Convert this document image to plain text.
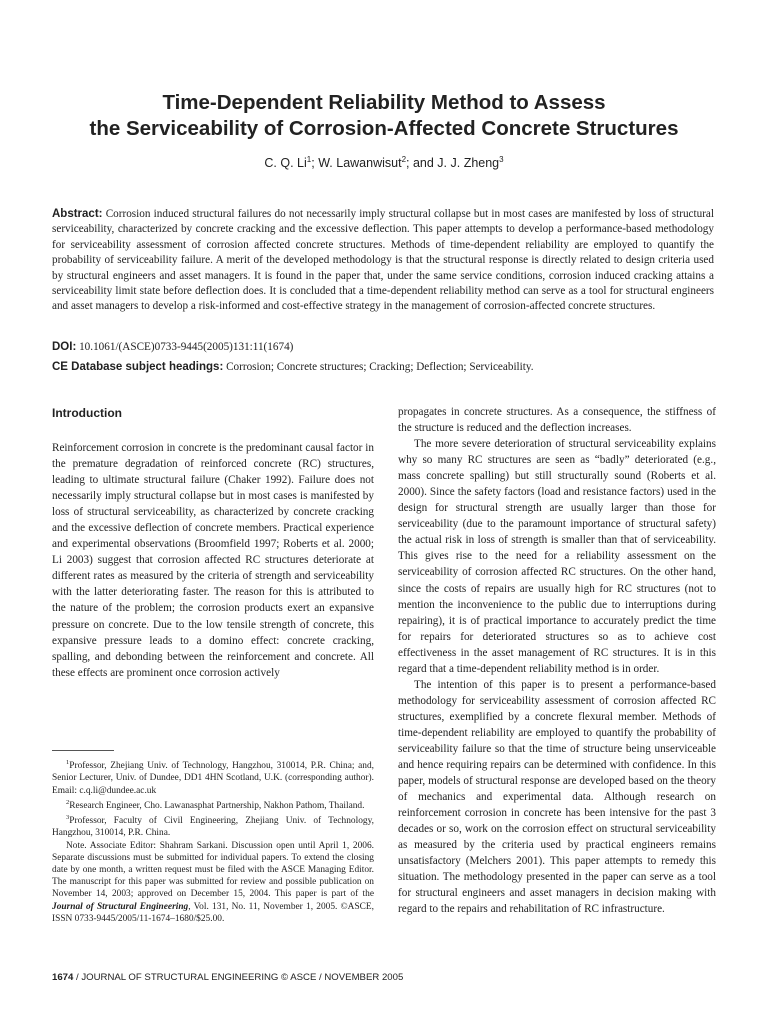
Time-Dependent Reliability Method to Assess
the Serviceability of Corrosion-Affected Concrete Structures
C. Q. Li$^1$; W. Lawanwisut$^2$; and J. J. Zheng$^3$
Abstract: Corrosion induced structural failures do not necessarily imply structural collapse but in most cases are manifested by loss of structural serviceability, characterized by concrete cracking and the excessive deflection. This paper attempts to develop a performance-based methodology for serviceability assessment of corrosion affected concrete structures. Methods of time-dependent reliability are employed to quantify the probability of serviceability failure. A merit of the developed methodology is that the structural response is directly related to design criteria used by structural engineers and asset managers. It is found in the paper that, under the same service conditions, corrosion induced cracking attains a serviceability limit state before deflection does. It is concluded that a time-dependent reliability method can serve as a tool for structural engineers and asset managers to develop a risk-informed and cost-effective strategy in the management of corrosion-affected concrete structures.
DOI: 10.1061/(ASCE)0733-9445(2005)131:11(1674)
CE Database subject headings: Corrosion; Concrete structures; Cracking; Deflection; Serviceability.
Introduction

Reinforcement corrosion in concrete is the predominant causal factor in the premature degradation of reinforced concrete (RC) structures, leading to ultimate structural failure (Chaker 1992). Failure does not necessarily imply structural collapse but in most cases is manifested by loss of structural serviceability, as characterized by concrete cracking and the excessive deflection of concrete members. Practical experience and experimental observations (Broomfield 1997; Roberts et al. 2000; Li 2003) suggest that corrosion affected RC structures deteriorate at different rates as measured by the criteria of strength and serviceability with the latter deteriorating faster. The reason for this is attributed to the nature of the problem; the corrosion products exert an expansive pressure on concrete. Due to the low tensile strength of concrete, this expansive pressure leads to a domino effect: concrete cracking, spalling, and debonding between the reinforcement and concrete. All these effects are prominent once corrosion actively

propagates in concrete structures. As a consequence, the stiffness of the structure is reduced and the deflection increases.

The more severe deterioration of structural serviceability explains why so many RC structures are seen as “badly” deteriorated (e.g., mass concrete spalling) but still structurally sound (Roberts et al. 2000). Since the safety factors (load and resistance factors) used in the design for structural strength are usually larger than those for serviceability (due to the paramount importance of structural safety) the actual risk in loss of strength is smaller than that of serviceability. This gives rise to the need for a reliability assessment on the serviceability of corrosion affected RC structures. On the other hand, since the costs of repairs are usually high for RC structures (not to mention the inconvenience to the public due to interruptions during repairing), it is of practical importance to accurately predict the time for repairs for deteriorated structures so as to achieve cost effectiveness in the asset management of RC structures. It is in this regard that a time-dependent reliability method is in order.

The intention of this paper is to present a performance-based methodology for serviceability assessment of corrosion affected RC structures, exemplified by a concrete flexural member. Methods of time-dependent reliability are employed to quantify the probability of serviceability failure so that the time of structure being unserviceable and hence requiring repairs can be determined with confidence. In this paper, models of structural response are developed based on the theory of mechanics and experimental data. Although research on reinforcement corrosion in concrete has been intensive for the past 3 decades or so, work on the corrosion effect on structural serviceability as measured by the criteria used by practical engineers remains unsatisfactory (Melchers 2001). This paper attempts to remedy this situation. The methodology presented in the paper can serve as a tool for structural engineers and asset managers in decision making with regard to the repairs and rehabilitation of RC infrastructure.

$^1$Professor, Zhejiang Univ. of Technology, Hangzhou, 310014, P.R. China; and, Senior Lecturer, Univ. of Dundee, DD1 4HN Scotland, U.K. (corresponding author). Email: c.q.li@dundee.ac.uk

$^2$Research Engineer, Cho. Lawanasphat Partnership, Nakhon Pathom, Thailand.

$^3$Professor, Faculty of Civil Engineering, Zhejiang Univ. of Technology, Hangzhou, 310014, P.R. China.

Note. Associate Editor: Shahram Sarkani. Discussion open until April 1, 2006. Separate discussions must be submitted for individual papers. To extend the closing date by one month, a written request must be filed with the ASCE Managing Editor. The manuscript for this paper was submitted for review and possible publication on November 14, 2003; approved on December 15, 2004. This paper is part of the Journal of Structural Engineering, Vol. 131, No. 11, November 1, 2005. ©ASCE, ISSN 0733-9445/2005/11-1674–1680/$25.00.

1674 / JOURNAL OF STRUCTURAL ENGINEERING © ASCE / NOVEMBER 2005
